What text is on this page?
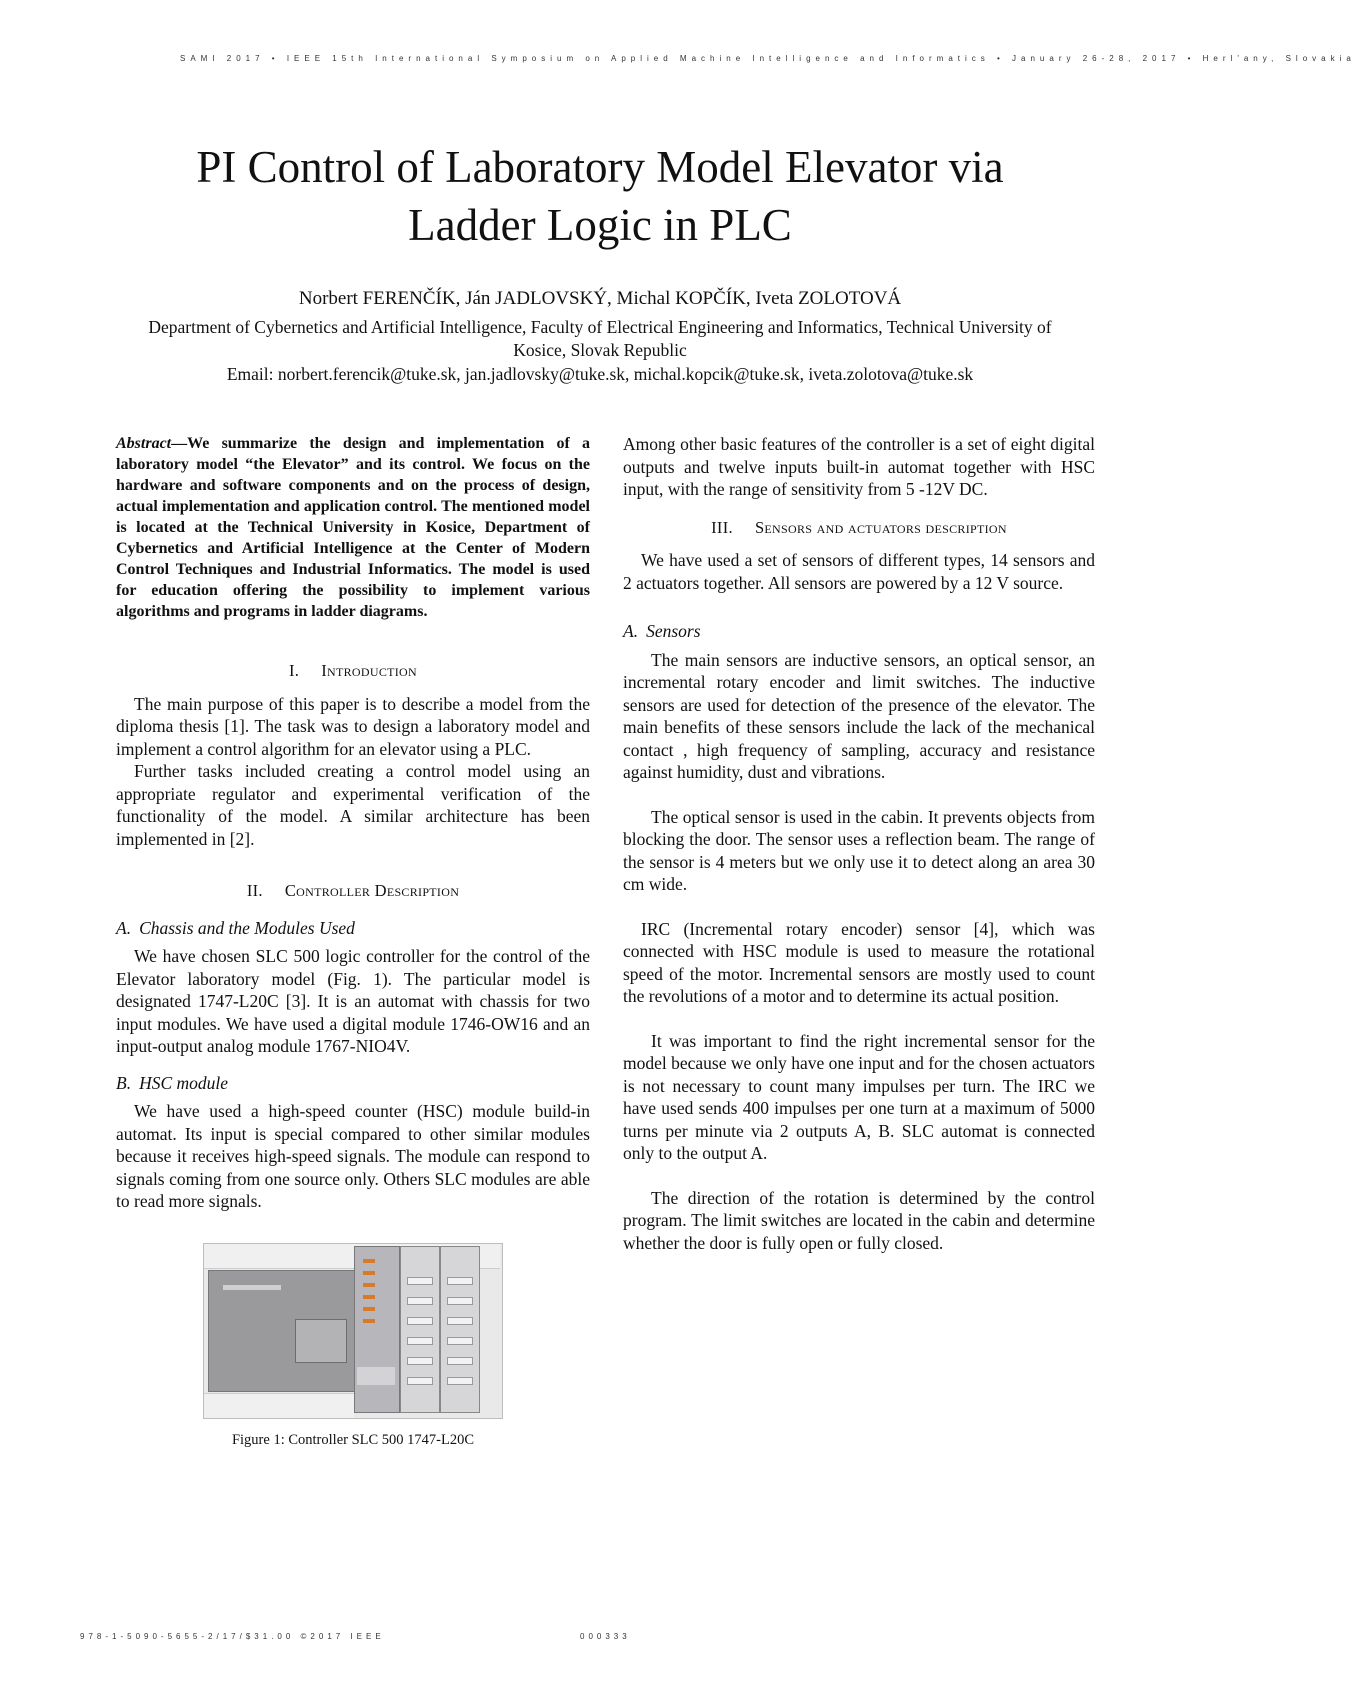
SAMI 2017 • IEEE 15th International Symposium on Applied Machine Intelligence and Informatics • January 26-28, 2017 • Herl'any, Slovakia
PI Control of Laboratory Model Elevator via
Ladder Logic in PLC
Norbert FERENČÍK, Ján JADLOVSKÝ, Michal KOPČÍK, Iveta ZOLOTOVÁ
Department of Cybernetics and Artificial Intelligence, Faculty of Electrical Engineering and Informatics, Technical University of Kosice, Slovak Republic
Email: norbert.ferencik@tuke.sk, jan.jadlovsky@tuke.sk, michal.kopcik@tuke.sk, iveta.zolotova@tuke.sk

Abstract—We summarize the design and implementation of a laboratory model “the Elevator” and its control. We focus on the hardware and software components and on the process of design, actual implementation and application control. The mentioned model is located at the Technical University in Kosice, Department of Cybernetics and Artificial Intelligence at the Center of Modern Control Techniques and Industrial Informatics. The model is used for education offering the possibility to implement various algorithms and programs in ladder diagrams.

I. Introduction

The main purpose of this paper is to describe a model from the diploma thesis [1]. The task was to design a laboratory model and implement a control algorithm for an elevator using a PLC.

Further tasks included creating a control model using an appropriate regulator and experimental verification of the functionality of the model. A similar architecture has been implemented in [2].

II. Controller Description
A. Chassis and the Modules Used

We have chosen SLC 500 logic controller for the control of the Elevator laboratory model (Fig. 1). The particular model is designated 1747-L20C [3]. It is an automat with chassis for two input modules. We have used a digital module 1746-OW16 and an input-output analog module 1767-NIO4V.

B. HSC module

We have used a high-speed counter (HSC) module build-in automat. Its input is special compared to other similar modules because it receives high-speed signals. The module can respond to signals coming from one source only. Others SLC modules are able to read more signals.

Figure 1: Controller SLC 500 1747-L20C

Among other basic features of the controller is a set of eight digital outputs and twelve inputs built-in automat together with HSC input, with the range of sensitivity from 5 -12V DC.

III. Sensors and actuators description

We have used a set of sensors of different types, 14 sensors and 2 actuators together. All sensors are powered by a 12 V source.

A. Sensors

The main sensors are inductive sensors, an optical sensor, an incremental rotary encoder and limit switches. The inductive sensors are used for detection of the presence of the elevator. The main benefits of these sensors include the lack of the mechanical contact , high frequency of sampling, accuracy and resistance against humidity, dust and vibrations.

The optical sensor is used in the cabin. It prevents objects from blocking the door. The sensor uses a reflection beam. The range of the sensor is 4 meters but we only use it to detect along an area 30 cm wide.

IRC (Incremental rotary encoder) sensor [4], which was connected with HSC module is used to measure the rotational speed of the motor. Incremental sensors are mostly used to count the revolutions of a motor and to determine its actual position.

It was important to find the right incremental sensor for the model because we only have one input and for the chosen actuators is not necessary to count many impulses per turn. The IRC we have used sends 400 impulses per one turn at a maximum of 5000 turns per minute via 2 outputs A, B. SLC automat is connected only to the output A.

The direction of the rotation is determined by the control program. The limit switches are located in the cabin and determine whether the door is fully open or fully closed.

978-1-5090-5655-2/17/$31.00 ©2017 IEEE	000333
